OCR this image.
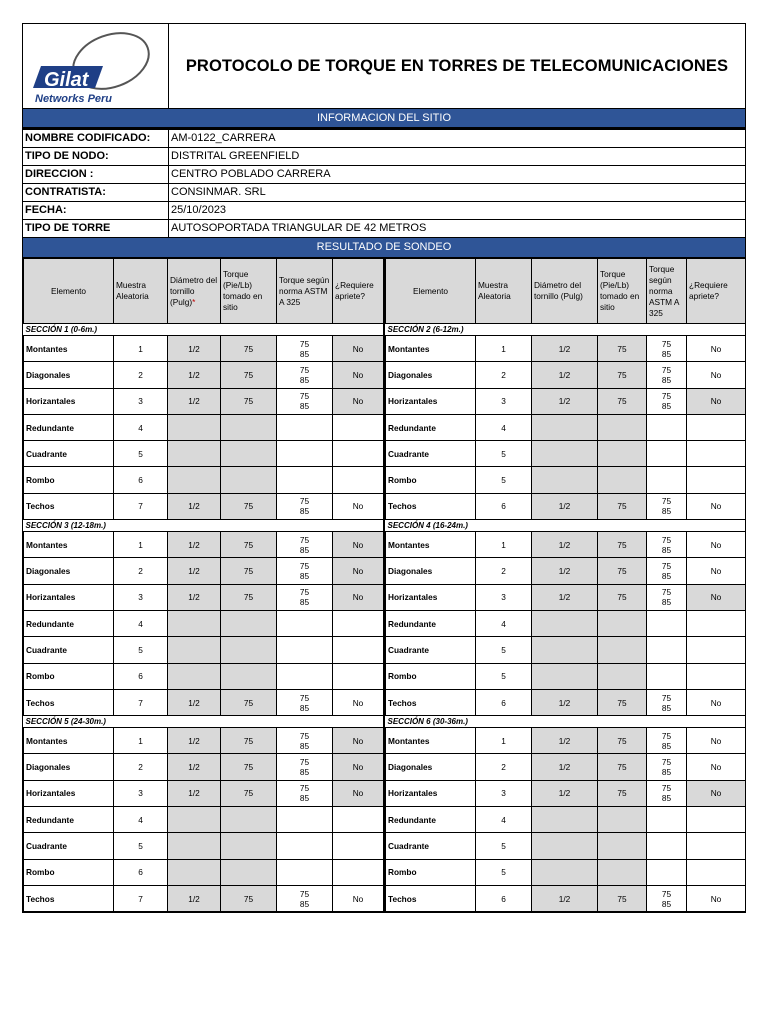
Gilat
Networks Peru
PROTOCOLO DE TORQUE EN TORRES DE TELECOMUNICACIONES
INFORMACION DEL SITIO
NOMBRE CODIFICADO:	AM-0122_CARRERA
TIPO DE NODO:	DISTRITAL GREENFIELD
DIRECCION :	CENTRO POBLADO CARRERA
CONTRATISTA:	CONSINMAR. SRL
FECHA:	25/10/2023
TIPO DE TORRE	AUTOSOPORTADA TRIANGULAR DE 42 METROS
RESULTADO DE SONDEO
Elemento	Muestra Aleatoria	Diámetro del tornillo (Pulg)*	Torque (Pie/Lb) tomado en sitio	Torque según norma ASTM A 325	¿Requiere apriete?
SECCIÓN 1 (0-6m.)					
Montantes	1	1/2	75	75
85	No
Diagonales	2	1/2	75	75
85	No
Horizantales	3	1/2	75	75
85	No
Redundante	4			

Cuadrante	5			

Rombo	6			

Techos	7	1/2	75	75
85	No
SECCIÓN 3 (12-18m.)					
Montantes	1	1/2	75	75
85	No
Diagonales	2	1/2	75	75
85	No
Horizantales	3	1/2	75	75
85	No
Redundante	4			

Cuadrante	5			

Rombo	6			

Techos	7	1/2	75	75
85	No
SECCIÓN 5 (24-30m.)					
Montantes	1	1/2	75	75
85	No
Diagonales	2	1/2	75	75
85	No
Horizantales	3	1/2	75	75
85	No
Redundante	4			

Cuadrante	5			

Rombo	6			

Techos	7	1/2	75	75
85	No
Elemento	Muestra Aleatoria	Diámetro del tornillo (Pulg)	Torque (Pie/Lb) tomado en sitio	Torque según norma ASTM A 325	¿Requiere apriete?
SECCIÓN 2 (6-12m.)					
Montantes	1	1/2	75	75
85	No
Diagonales	2	1/2	75	75
85	No
Horizantales	3	1/2	75	75
85	No
Redundante	4			

Cuadrante	5			

Rombo	5			

Techos	6	1/2	75	75
85	No
SECCIÓN 4 (16-24m.)					
Montantes	1	1/2	75	75
85	No
Diagonales	2	1/2	75	75
85	No
Horizantales	3	1/2	75	75
85	No
Redundante	4			

Cuadrante	5			

Rombo	5			

Techos	6	1/2	75	75
85	No
SECCIÓN 6 (30-36m.)					
Montantes	1	1/2	75	75
85	No
Diagonales	2	1/2	75	75
85	No
Horizantales	3	1/2	75	75
85	No
Redundante	4			

Cuadrante	5			

Rombo	5			

Techos	6	1/2	75	75
85	No
